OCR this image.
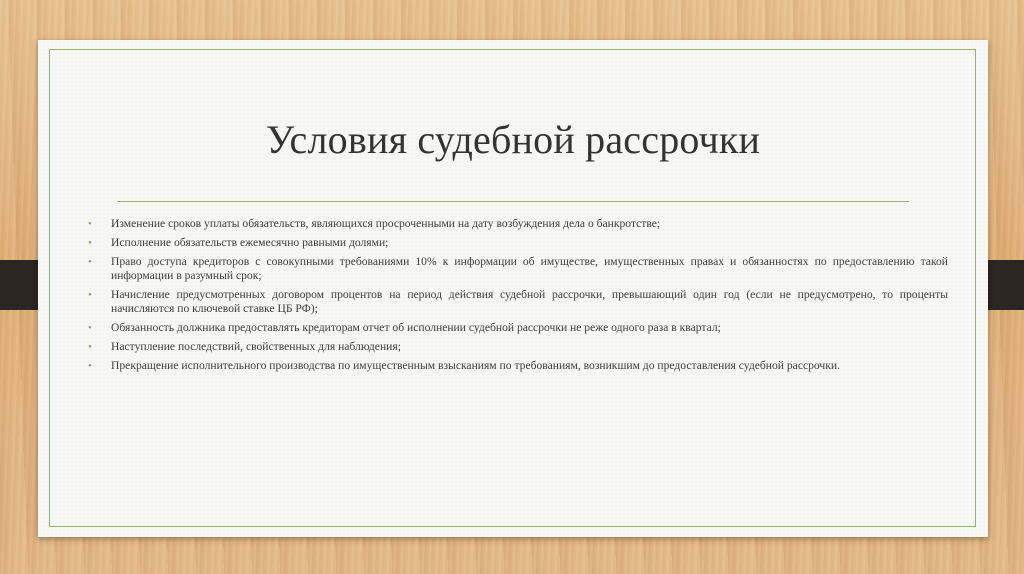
Условия судебной рассрочки
• Изменение сроков уплаты обязательств, являющихся просроченными на дату возбуждения дела о банкротстве;
• Исполнение обязательств ежемесячно равными долями;
• Право доступа кредиторов с совокупными требованиями 10% к информации об имуществе, имущественных правах и обязанностях по предоставлению такой информации в разумный срок;
• Начисление предусмотренных договором процентов на период действия судебной рассрочки, превышающий один год (если не предусмотрено, то проценты начисляются по ключевой ставке ЦБ РФ);
• Обязанность должника предоставлять кредиторам отчет об исполнении судебной рассрочки не реже одного раза в квартал;
• Наступление последствий, свойственных для наблюдения;
• Прекращение исполнительного производства по имущественным взысканиям по требованиям, возникшим до предоставления судебной рассрочки.
